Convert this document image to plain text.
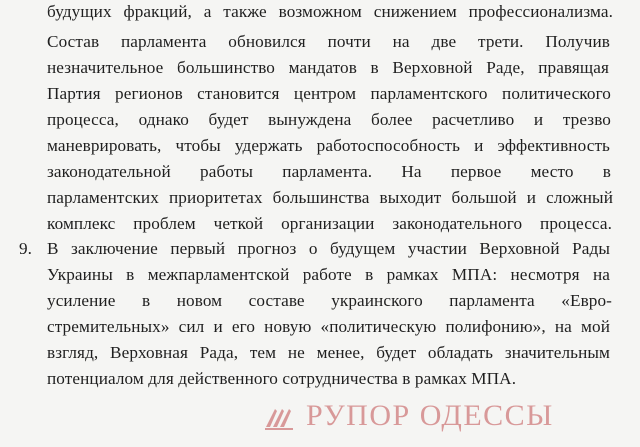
будущих фракций, а также возможном снижением профессионализма.
Состав парламента обновился почти на две трети. Получив
незначительное большинство мандатов в Верховной Раде, правящая
Партия регионов становится центром парламентского политического
процесса, однако будет вынуждена более расчетливо и трезво
маневрировать, чтобы удержать работоспособность и эффективность
законодательной работы парламента. На первое место в
парламентских приоритетах большинства выходит большой и сложный
комплекс проблем четкой организации законодательного процесса.
9. В заключение первый прогноз о будущем участии Верховной Рады
Украины в межпарламентской работе в рамках МПА: несмотря на
усиление в новом составе украинского парламента «Евро-
стремительных» сил и его новую «политическую полифонию», на мой
взгляд, Верховная Рада, тем не менее, будет обладать значительным
потенциалом для действенного сотрудничества в рамках МПА.
РУПОР ОДЕССЫ
